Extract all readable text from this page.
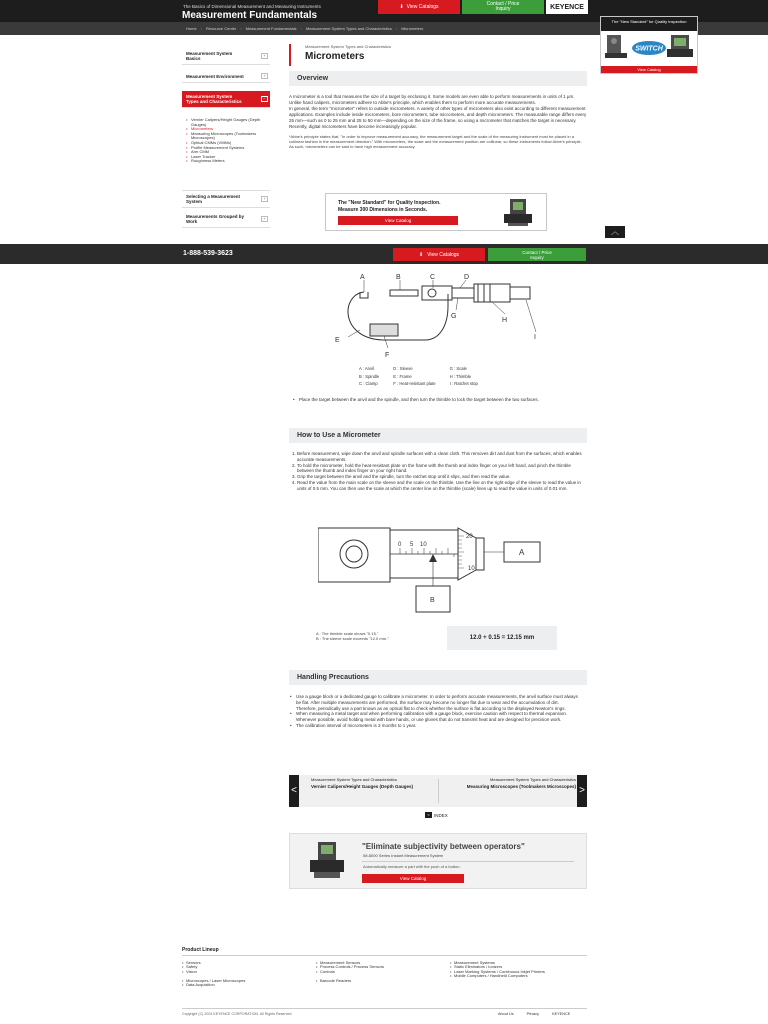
The Basics of Dimensional Measurement and Measuring Instruments
Measurement Fundamentals
⬇ View Catalogs	Contact / Price Inquiry	KEYENCE
Home › Resource Center › Measurement Fundamentals › Measurement System Types and Characteristics › Micrometers
The "New Standard" for Quality Inspection
SWITCH
View Catalog
Measurement System Basics
+
Measurement Environment	+
Measurement System Types and Characteristics
−
• Vernier Calipers/Height Gauges (Depth Gauges)
• Micrometers
• Measuring Microscopes (Toolmakers Microscopes)
• Optical CMMs (VMMs)
• Profile Measurement Systems
• Arm CMM
• Laser Tracker
• Roughness Meters
Selecting a Measurement System
+
Measurements Grouped by Work
+
Measurement System Types and Characteristics
Micrometers
Overview

A micrometer is a tool that measures the size of a target by enclosing it. Some models are even able to perform measurements in units of 1 μm. Unlike hand calipers, micrometers adhere to Abbe's principle, which enables them to perform more accurate measurements.

In general, the term "micrometer" refers to outside micrometers. A variety of other types of micrometers also exist according to different measurement applications. Examples include inside micrometers, bore micrometers, tube micrometers, and depth micrometers. The measurable range differs every 25 mm—such as 0 to 25 mm and 25 to 50 mm—depending on the size of the frame, so using a micrometer that matches the target is necessary. Recently, digital micrometers have become increasingly popular.

*Abbe's principle states that, "In order to improve measurement accuracy, the measurement target and the scale of the measuring instrument must be placed in a collinear fashion in the measurement direction." With micrometers, the scale and the measurement position are collinear, so these instruments follow Abbe's principle. As such, micrometers can be said to have high measurement accuracy.

The "New Standard" for Quality Inspection.
Measure 300 Dimensions in Seconds.
View Catalog
︿
1-888-539-3623	⬇ View Catalogs	Contact / Price Inquiry
A	B	C	D
E
F
G
H
I
A : Anvil	D : Sleeve	G : Scale
B : Spindle	E : Frame	H : Thimble
C : Clamp	F : Heat-resistant plate	I : Ratchet stop
• Place the target between the anvil and the spindle, and then turn the thimble to lock the target between the two surfaces.
How to Use a Micrometer
1. Before measurement, wipe down the anvil and spindle surfaces with a clean cloth. This removes dirt and dust from the surfaces, which enables accurate measurements.
2. To hold the micrometer, hold the heat-resistant plate on the frame with the thumb and index finger on your left hand, and pinch the thimble between the thumb and index finger on your right hand.
3. Grip the target between the anvil and the spindle, turn the ratchet stop until it slips, and then read the value.
4. Read the value from the main scale on the sleeve and the scale on the thimble. Use the line on the right edge of the sleeve to read the value in units of 0.5 mm. You can then use the scale at which the center line on the thimble (scale) lines up to read the value in units of 0.01 mm.
0 5 10
20
10
A
B
A : The thimble scale shows "0.15."
B : The sleeve scale exceeds "12.0 mm."	12.0 + 0.15 = 12.15 mm
Handling Precautions
• Use a gauge block or a dedicated gauge to calibrate a micrometer. In order to perform accurate measurements, the anvil surface must always be flat. After multiple measurements are performed, the surface may become no longer flat due to wear and the accumulation of dirt. Therefore, periodically use a part known as an optical flat to check whether the surface is flat according to the displayed Newton's rings.
• When measuring a metal target and when performing calibration with a gauge block, exercise caution with respect to thermal expansion. Whenever possible, avoid holding metal with bare hands, or use gloves that do not transmit heat and are designed for precision work.
• The calibration interval of micrometers is 3 months to 1 year.
<
Measurement System Types and Characteristics
Vernier Calipers/Height Gauges (Depth Gauges)
Measurement System Types and Characteristics
Measuring Microscopes (Toolmakers Microscopes) >
< INDEX
"Eliminate subjectivity between operators"
IM-8000 Series Instant Measurement System
Automatically measure a part with the push of a button.
View Catalog
Product Lineup
• Sensors
• Safety
• Vision
• Microscopes / Laser Microscopes
• Data Acquisition
• Measurement Sensors
• Process Controls / Process Sensors
• Controls
• Barcode Readers
• Measurement Systems
• Static Eliminators / Ionizers
• Laser Marking Systems / Continuous Inkjet Printers
• Mobile Computers / Handheld Computers
Copyright (C) 2024 KEYENCE CORPORATION. All Rights Reserved.	About Us	Privacy	KEYENCE
